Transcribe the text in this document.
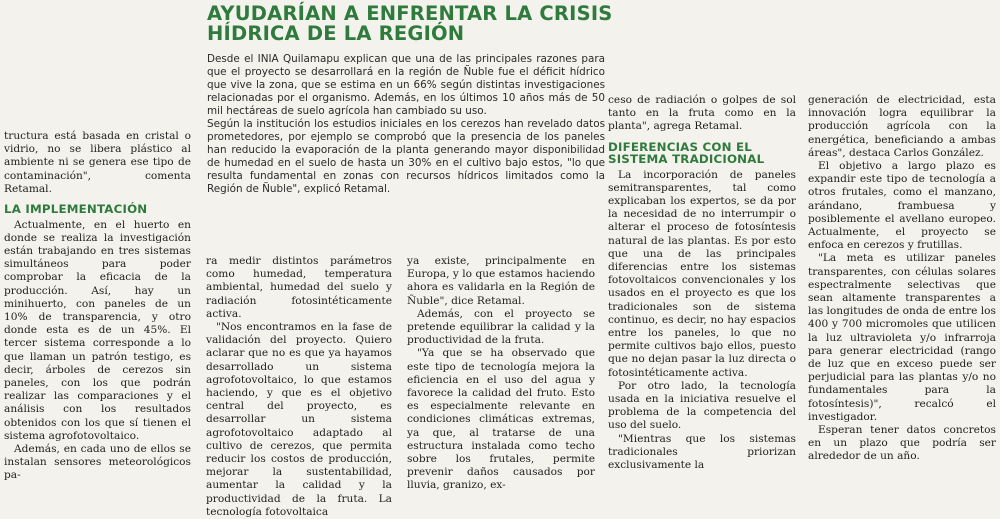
AYUDARÍAN A ENFRENTAR LA CRISIS
HÍDRICA DE LA REGIÓN

Desde el INIA Quilamapu explican que una de las principales razones para que el proyecto se desarrollará en la región de Ñuble fue el déficit hídrico que vive la zona, que se estima en un 66% según distintas investigaciones relacionadas por el organismo. Además, en los últimos 10 años más de 50 mil hectáreas de suelo agrícola han cambiado su uso.

Según la institución los estudios iniciales en los cerezos han revelado datos prometedores, por ejemplo se comprobó que la presencia de los paneles han reducido la evaporación de la planta generando mayor disponibilidad de humedad en el suelo de hasta un 30% en el cultivo bajo estos, "lo que resulta fundamental en zonas con recursos hídricos limitados como la Región de Ñuble", explicó Retamal.

tructura está basada en cristal o vidrio, no se libera plástico al ambiente ni se genera ese tipo de contaminación", comenta Retamal.

LA IMPLEMENTACIÓN

Actualmente, en el huerto en donde se realiza la investigación están trabajando en tres sistemas simultáneos para poder comprobar la eficacia de la producción. Así, hay un minihuerto, con paneles de un 10% de transparencia, y otro donde esta es de un 45%. El tercer sistema corresponde a lo que llaman un patrón testigo, es decir, árboles de cerezos sin paneles, con los que podrán realizar las comparaciones y el análisis con los resultados obtenidos con los que sí tienen el sistema agrofotovoltaico.

Además, en cada uno de ellos se instalan sensores meteorológicos pa-

ra medir distintos parámetros como humedad, temperatura ambiental, humedad del suelo y radiación fotosintéticamente activa.

"Nos encontramos en la fase de validación del proyecto. Quiero aclarar que no es que ya hayamos desarrollado un sistema agrofotovoltaico, lo que estamos haciendo, y que es el objetivo central del proyecto, es desarrollar un sistema agrofotovoltaico adaptado al cultivo de cerezos, que permita reducir los costos de producción, mejorar la sustentabilidad, aumentar la calidad y la productividad de la fruta. La tecnología fotovoltaica

ya existe, principalmente en Europa, y lo que estamos haciendo ahora es validarla en la Región de Ñuble", dice Retamal.

Además, con el proyecto se pretende equilibrar la calidad y la productividad de la fruta.

"Ya que se ha observado que este tipo de tecnología mejora la eficiencia en el uso del agua y favorece la calidad del fruto. Esto es especialmente relevante en condiciones climáticas extremas, ya que, al tratarse de una estructura instalada como techo sobre los frutales, permite prevenir daños causados por lluvia, granizo, ex-

ceso de radiación o golpes de sol tanto en la fruta como en la planta", agrega Retamal.

DIFERENCIAS CON EL SISTEMA TRADICIONAL

La incorporación de paneles semitransparentes, tal como explicaban los expertos, se da por la necesidad de no interrumpir o alterar el proceso de fotosíntesis natural de las plantas. Es por esto que una de las principales diferencias entre los sistemas fotovoltaicos convencionales y los usados en el proyecto es que los tradicionales son de sistema continuo, es decir, no hay espacios entre los paneles, lo que no permite cultivos bajo ellos, puesto que no dejan pasar la luz directa o fotosintéticamente activa.

Por otro lado, la tecnología usada en la iniciativa resuelve el problema de la competencia del uso del suelo.

"Mientras que los sistemas tradicionales priorizan exclusivamente la

generación de electricidad, esta innovación logra equilibrar la producción agrícola con la energética, beneficiando a ambas áreas", destaca Carlos González.

El objetivo a largo plazo es expandir este tipo de tecnología a otros frutales, como el manzano, arándano, frambuesa y posiblemente el avellano europeo. Actualmente, el proyecto se enfoca en cerezos y frutillas.

"La meta es utilizar paneles transparentes, con células solares espectralmente selectivas que sean altamente transparentes a las longitudes de onda de entre los 400 y 700 micromoles que utilicen la luz ultravioleta y/o infrarroja para generar electricidad (rango de luz que en exceso puede ser perjudicial para las plantas y/o no fundamentales para la fotosíntesis)", recalcó el investigador.

Esperan tener datos concretos en un plazo que podría ser alrededor de un año.
